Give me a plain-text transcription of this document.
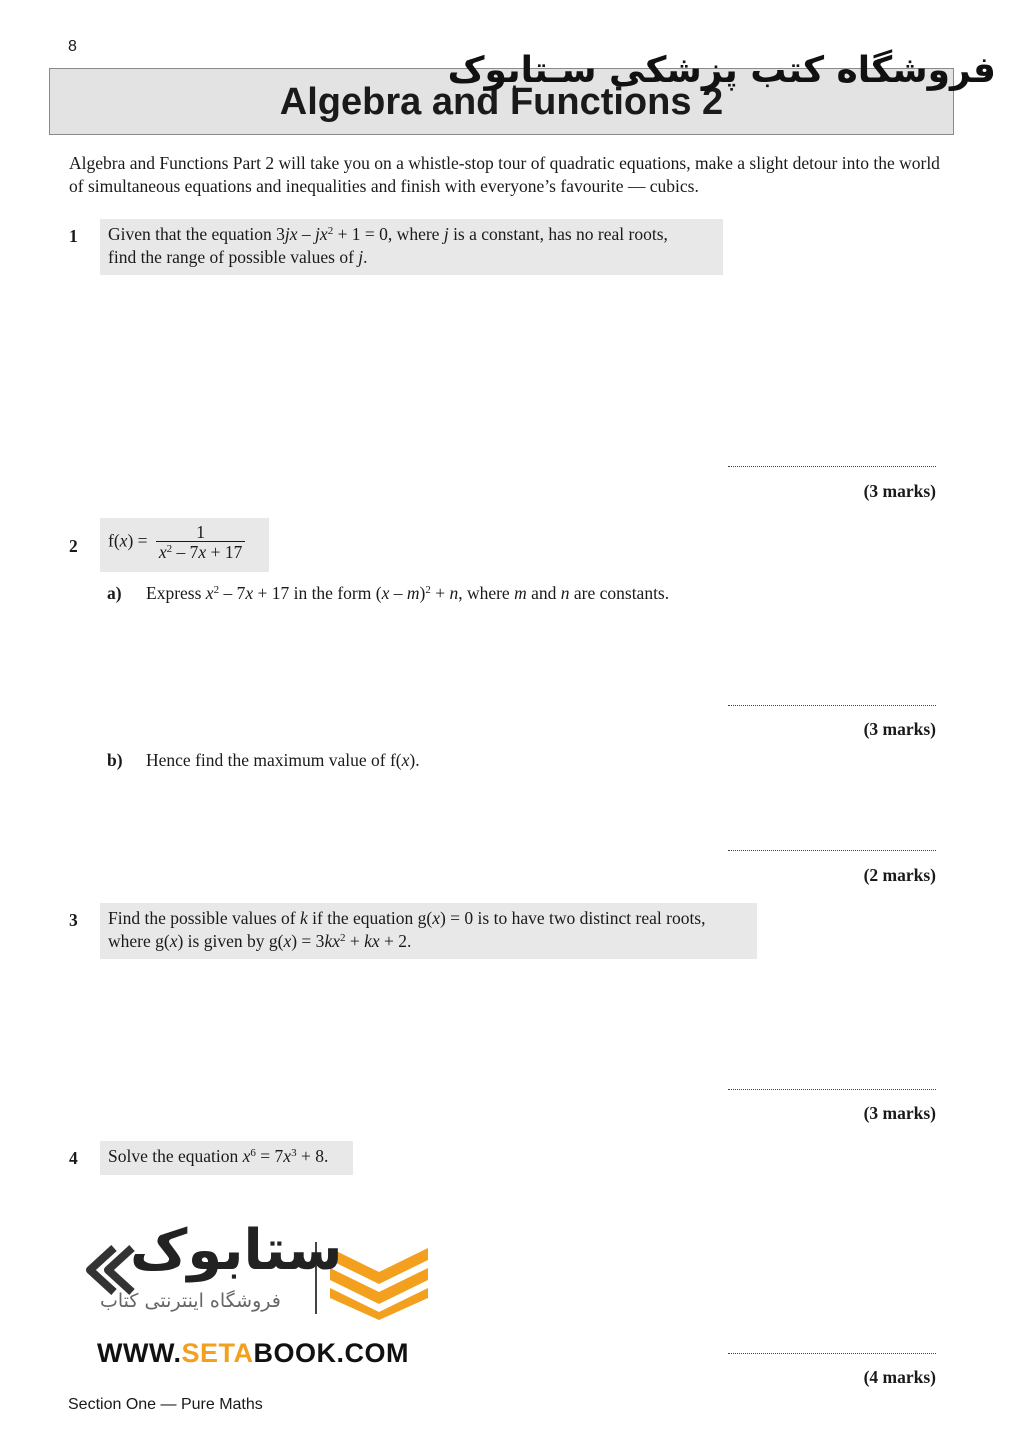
8
Algebra and Functions 2
فروشگاه کتب پزشکی سـتابوک
Algebra and Functions Part 2 will take you on a whistle-stop tour of quadratic equations, make a slight detour into the world of simultaneous equations and inequalities and finish with everyone’s favourite — cubics.
1 Given that the equation $3jx - jx^2 + 1 = 0$, where j is a constant, has no real roots,
find the range of possible values of j.
(3 marks)
2	$f(x) = \frac{1}{x^2 - 7x + 17}$
a) Express $x^2 - 7x + 17$ in the form (x – m)$^2$ + n, where m and n are constants.
(3 marks)
b) Hence find the maximum value of f(x).
(2 marks)
3 Find the possible values of k if the equation g(x) = 0 is to have two distinct real roots,
where g(x) is given by $g(x) = 3kx^2$ + kx + 2.
(3 marks)
4	Solve the equation $x^6 = 7x^3 + 8$.
(4 marks)
ستابوک
فروشگاه اینترنتی کتاب
WWW.SETABOOK.COM
Section One — Pure Maths
